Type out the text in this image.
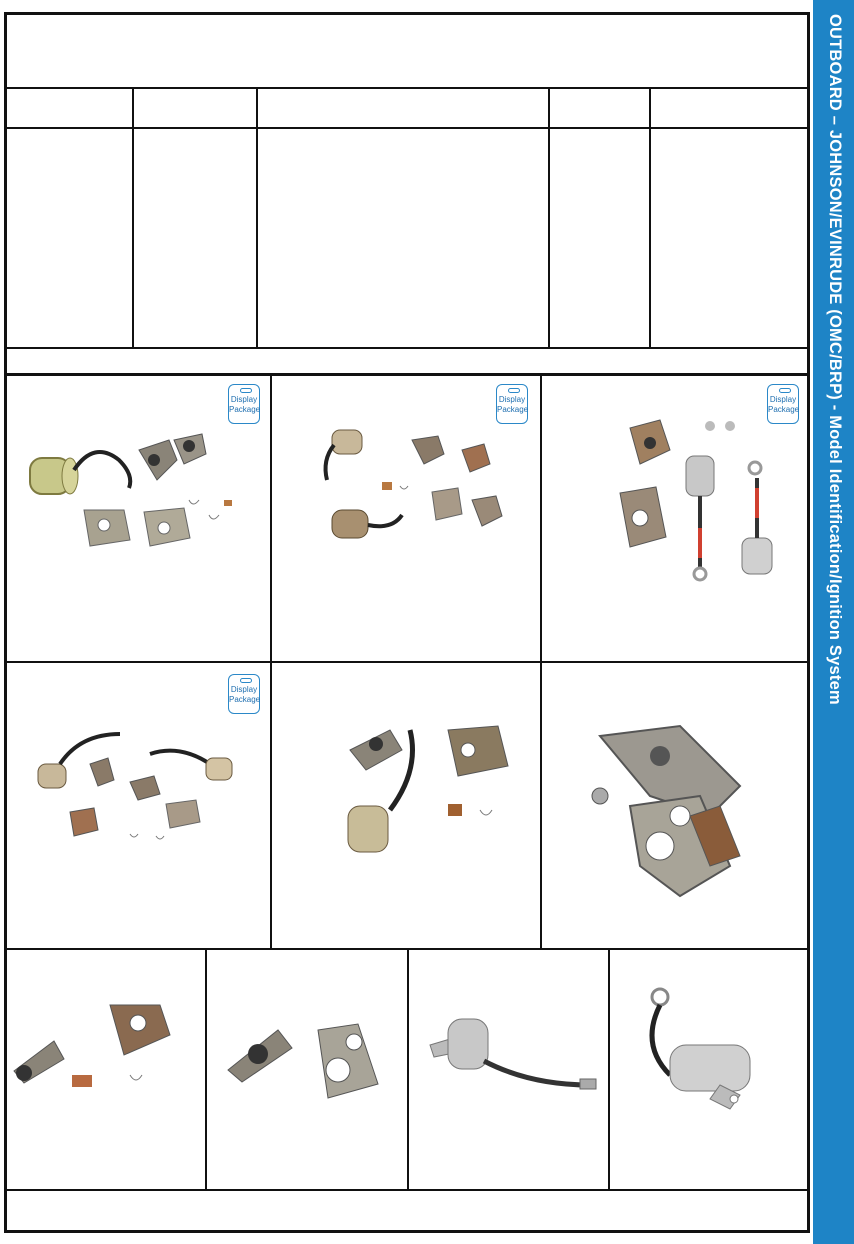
OUTBOARD – JOHNSON/EVINRUDE (OMC/BRP) - Model Identification/Ignition System
Display
Package
Display
Package
Display
Package
Display
Package
